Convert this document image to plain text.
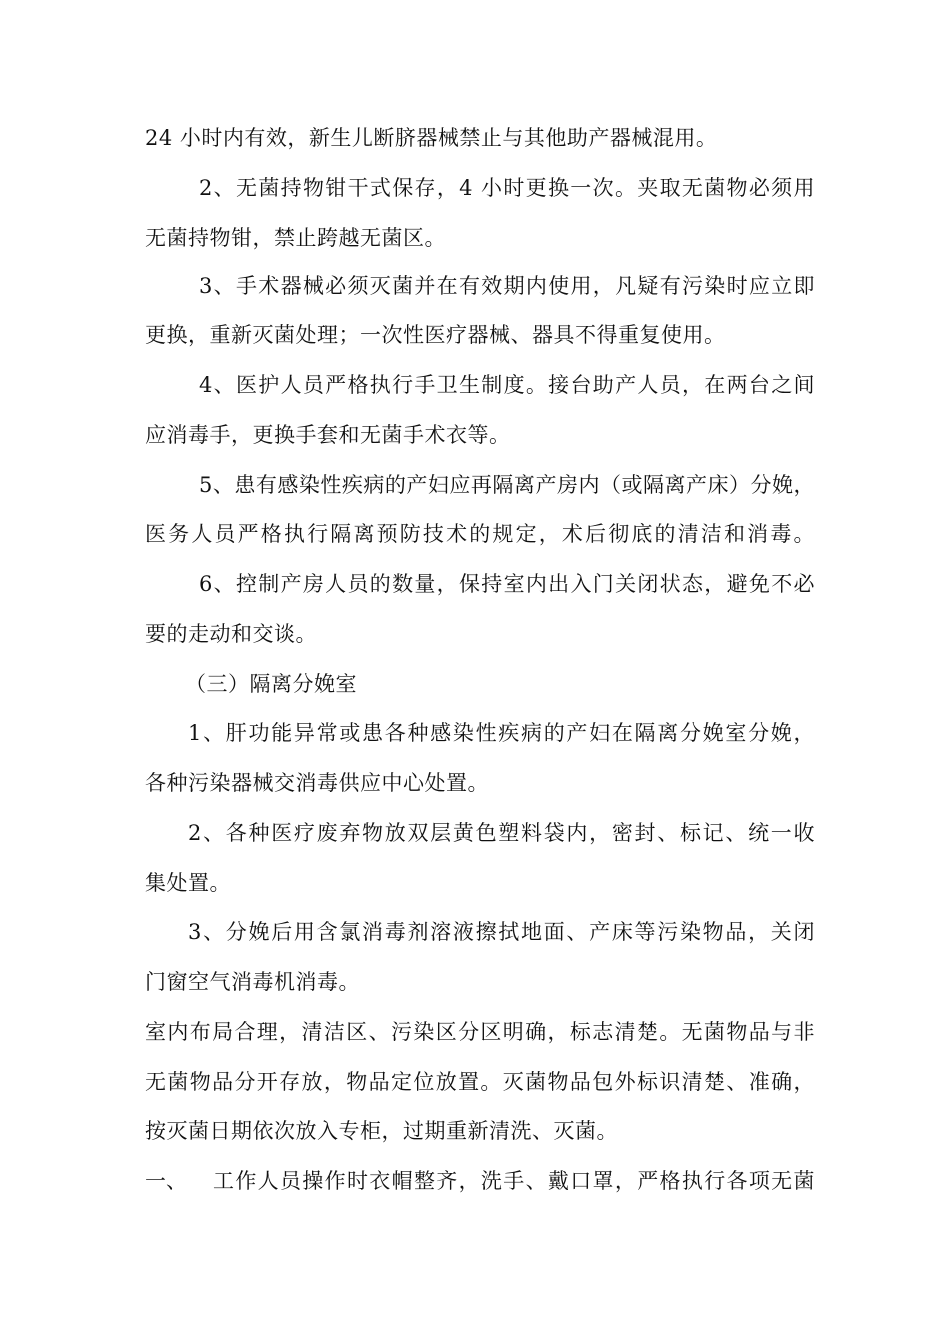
24 小时内有效，新生儿断脐器械禁止与其他助产器械混用。
2、无菌持物钳干式保存，4 小时更换一次。夹取无菌物必须用
无菌持物钳，禁止跨越无菌区。
3、手术器械必须灭菌并在有效期内使用，凡疑有污染时应立即
更换，重新灭菌处理；一次性医疗器械、器具不得重复使用。
4、医护人员严格执行手卫生制度。接台助产人员，在两台之间
应消毒手，更换手套和无菌手术衣等。
5、患有感染性疾病的产妇应再隔离产房内（或隔离产床）分娩，
医务人员严格执行隔离预防技术的规定，术后彻底的清洁和消毒。
6、控制产房人员的数量，保持室内出入门关闭状态，避免不必
要的走动和交谈。
（三）隔离分娩室
1、肝功能异常或患各种感染性疾病的产妇在隔离分娩室分娩，
各种污染器械交消毒供应中心处置。
2、各种医疗废弃物放双层黄色塑料袋内，密封、标记、统一收
集处置。
3、分娩后用含氯消毒剂溶液擦拭地面、产床等污染物品，关闭
门窗空气消毒机消毒。
室内布局合理，清洁区、污染区分区明确，标志清楚。无菌物品与非
无菌物品分开存放，物品定位放置。灭菌物品包外标识清楚、准确，
按灭菌日期依次放入专柜，过期重新清洗、灭菌。
一、 工作人员操作时衣帽整齐，洗手、戴口罩，严格执行各项无菌
